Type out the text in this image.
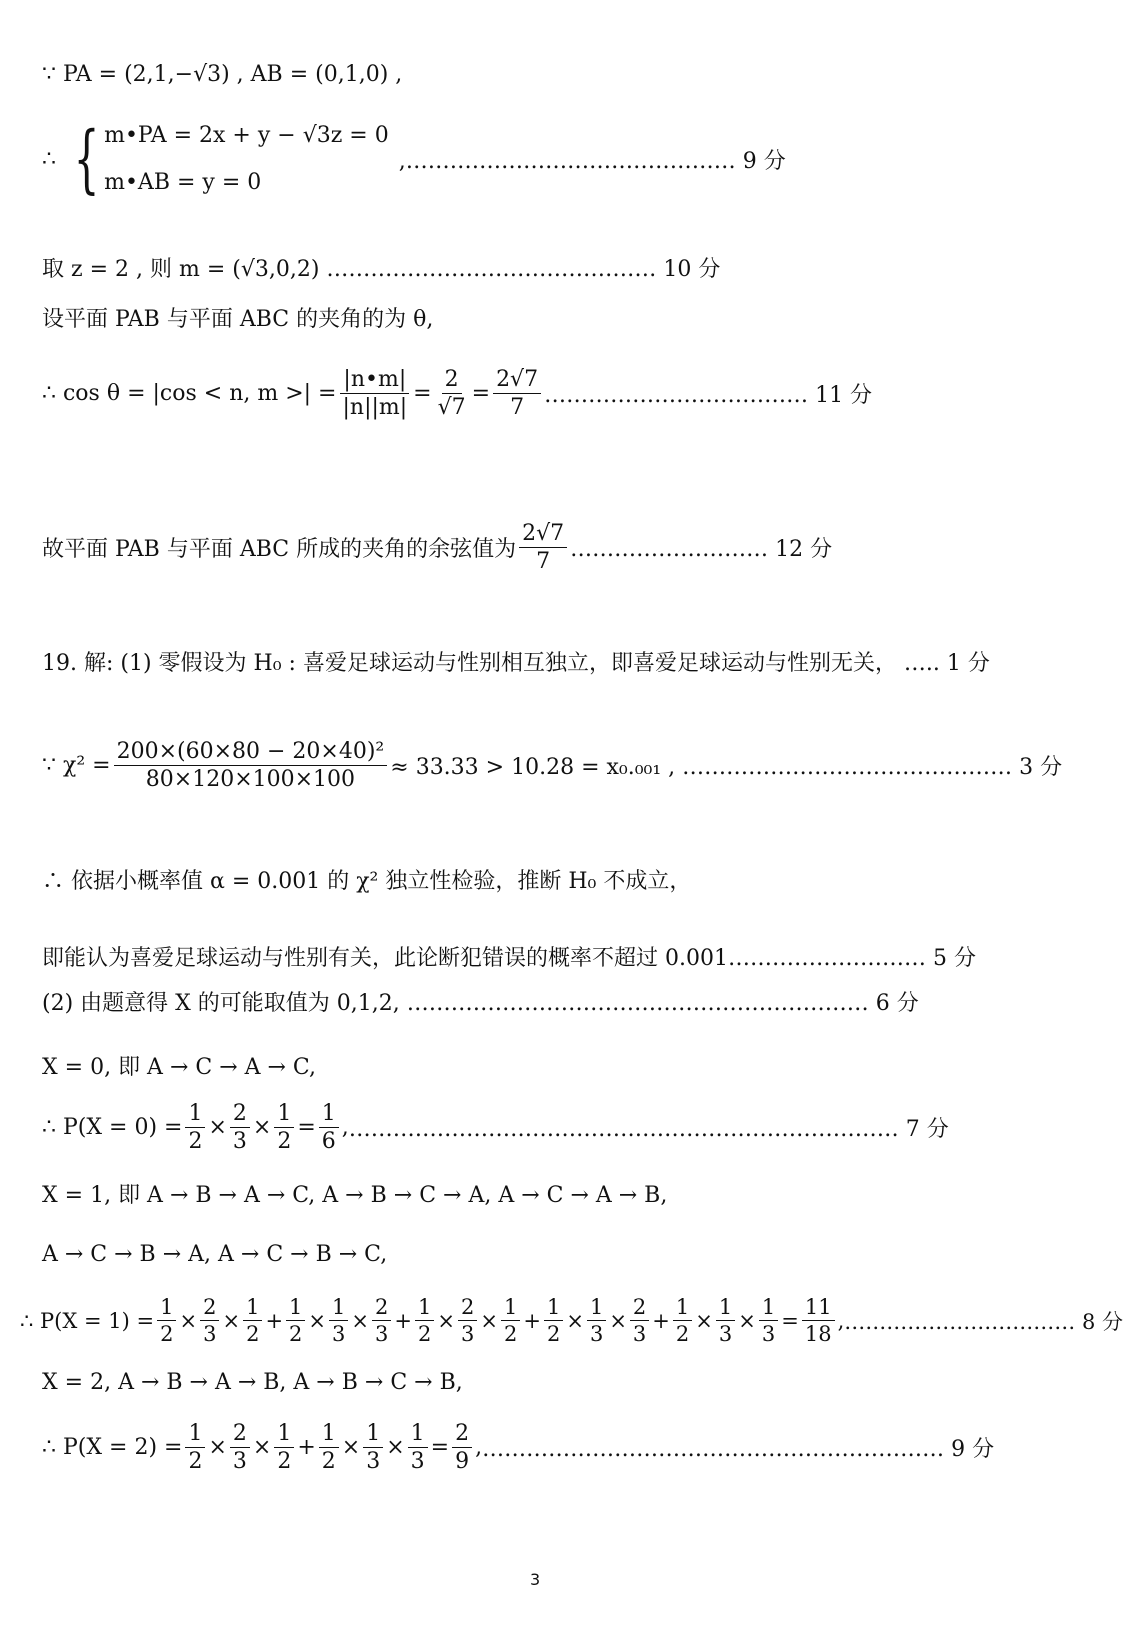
∵ PA = (2,1,−√3) , AB = (0,1,0) ,
∴ { m•PA = 2x + y − √3z = 0
m•AB = y = 0
,……………………………………… 9 分
取 z = 2 , 则 m = (√3,0,2) ……………………………………… 10 分
设平面 PAB 与平面 ABC 的夹角的为 θ,
∴ cos θ = |cos < n, m >| = $\frac{|n•m|}{|n||m|} = \frac{2}{√7} = \frac{2√7}{7}$ ……………………………… 11 分
故平面 PAB 与平面 ABC 所成的夹角的余弦值为 $\frac{2√7}{7}$ ……………………… 12 分
19. 解: (1) 零假设为 H₀ : 喜爱足球运动与性别相互独立，即喜爱足球运动与性别无关， ….. 1 分
∵ $\chi^2 = \frac{\text{200×(60×80 − 20×40)²}}{80\times 120\times 100\times 100} \approx 33.33 > 10.28 = x_0._{001}$ , ……………………………………… 3 分
∴ 依据小概率值 α = 0.001 的 χ² 独立性检验，推断 H₀ 不成立，
即能认为喜爱足球运动与性别有关，此论断犯错误的概率不超过 0.001……………………… 5 分
(2) 由题意得 X 的可能取值为 0,1,2, ……………………………………………………… 6 分
X = 0, 即 A → C → A → C,
∴ $P(X = 0) = \frac{1}{2} \times \frac{2}{3} \times \frac{1}{2} = \frac{1}{6}$ , ………………………………………………………………… 7 分
X = 1, 即 A → B → A → C, A → B → C → A, A → C → A → B,
A → C → B → A, A → C → B → C,
∴ $P(X = 1) = \frac{1}{2} \times \frac{2}{3} \times \frac{1}{2} + \frac{1}{2} \times \frac{1}{3} \times \frac{2}{3} + \frac{1}{2} \times \frac{2}{3} \times \frac{1}{2} + \frac{1}{2} \times \frac{1}{3} \times \frac{2}{3} + \frac{1}{2} \times \frac{1}{3} \times \frac{1}{3} = \frac{11}{18}$ , …………………………… 8 分
X = 2, A → B → A → B, A → B → C → B,
∴ $P(X = 2) = \frac{1}{2} \times \frac{2}{3} \times \frac{1}{2} + \frac{1}{2} \times \frac{1}{3} \times \frac{1}{3} = \frac{2}{9}$ , ……………………………………………………… 9 分
3
